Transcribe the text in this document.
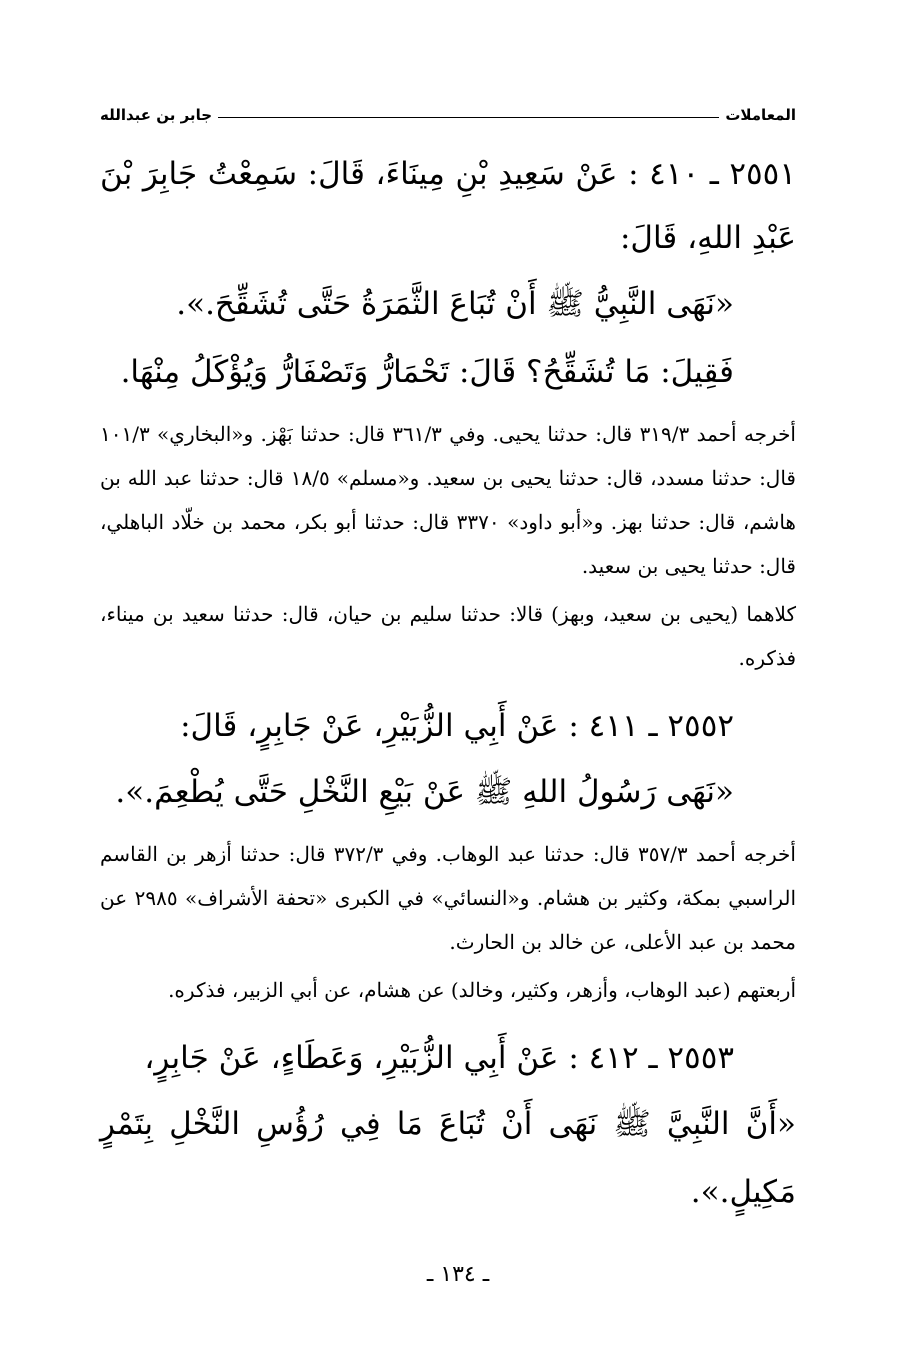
المعاملات
جابر بن عبدالله
٢٥٥١ ـ ٤١٠ : عَنْ سَعِيدِ بْنِ مِينَاءَ، قَالَ: سَمِعْتُ جَابِرَ بْنَ عَبْدِ اللهِ، قَالَ:
«نَهَى النَّبِيُّ ﷺ أَنْ تُبَاعَ الثَّمَرَةُ حَتَّى تُشَقِّحَ.».
فَقِيلَ: مَا تُشَقِّحُ؟ قَالَ: تَحْمَارُّ وَتَصْفَارُّ وَيُؤْكَلُ مِنْهَا.
أخرجه أحمد ٣١٩/٣ قال: حدثنا يحيى. وفي ٣٦١/٣ قال: حدثنا بَهْز. و«البخاري» ١٠١/٣ قال: حدثنا مسدد، قال: حدثنا يحيى بن سعيد. و«مسلم» ١٨/٥ قال: حدثنا عبد الله بن هاشم، قال: حدثنا بهز. و«أبو داود» ٣٣٧٠ قال: حدثنا أبو بكر، محمد بن خلّاد الباهلي، قال: حدثنا يحيى بن سعيد.
كلاهما (يحيى بن سعيد، وبهز) قالا: حدثنا سليم بن حيان، قال: حدثنا سعيد بن ميناء، فذكره.
٢٥٥٢ ـ ٤١١ : عَنْ أَبِي الزُّبَيْرِ، عَنْ جَابِرٍ، قَالَ:
«نَهَى رَسُولُ اللهِ ﷺ عَنْ بَيْعِ النَّخْلِ حَتَّى يُطْعِمَ.».
أخرجه أحمد ٣٥٧/٣ قال: حدثنا عبد الوهاب. وفي ٣٧٢/٣ قال: حدثنا أزهر بن القاسم الراسبي بمكة، وكثير بن هشام. و«النسائي» في الكبرى «تحفة الأشراف» ٢٩٨٥ عن محمد بن عبد الأعلى، عن خالد بن الحارث.
أربعتهم (عبد الوهاب، وأزهر، وكثير، وخالد) عن هشام، عن أبي الزبير، فذكره.
٢٥٥٣ ـ ٤١٢ : عَنْ أَبِي الزُّبَيْرِ، وَعَطَاءٍ، عَنْ جَابِرٍ،
«أَنَّ النَّبِيَّ ﷺ نَهَى أَنْ تُبَاعَ مَا فِي رُؤُسِ النَّخْلِ بِتَمْرٍ مَكِيلٍ.».
ـ ١٣٤ ـ
